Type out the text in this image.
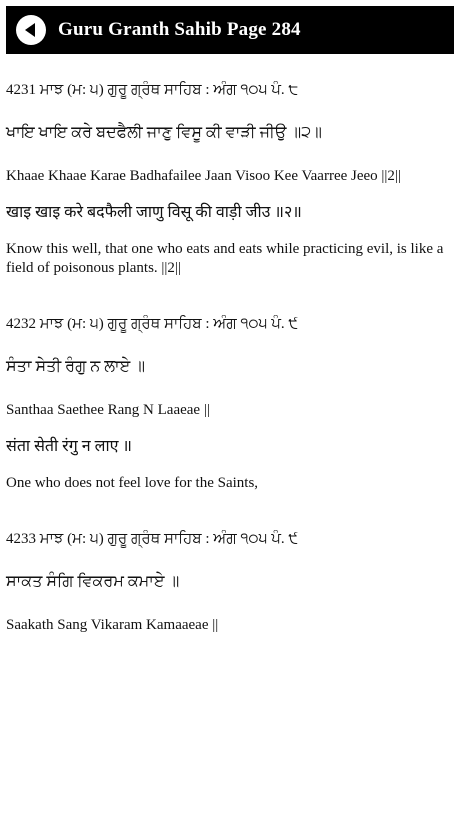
Guru Granth Sahib Page 284
4231 ਮਾਝ (ਮ: ੫) ਗੁਰੂ ਗ੍ਰੰਥ ਸਾਹਿਬ : ਅੰਗ ੧੦੫ ਪੰ. ੮
ਖਾਇ ਖਾਇ ਕਰੇ ਬਦਫੈਲੀ ਜਾਣੁ ਵਿਸੂ ਕੀ ਵਾੜੀ ਜੀਉ ॥੨॥
Khaae Khaae Karae Badhafailee Jaan Visoo Kee Vaarree Jeeo ||2||
खाइ खाइ करे बदफैली जाणु विसू की वाड़ी जीउ ॥२॥
Know this well, that one who eats and eats while practicing evil, is like a field of poisonous plants. ||2||
4232 ਮਾਝ (ਮ: ੫) ਗੁਰੂ ਗ੍ਰੰਥ ਸਾਹਿਬ : ਅੰਗ ੧੦੫ ਪੰ. ੯
ਸੰਤਾ ਸੇਤੀ ਰੰਗੁ ਨ ਲਾਏ ॥
Santhaa Saethee Rang N Laaeae ||
संता सेती रंगु न लाए ॥
One who does not feel love for the Saints,
4233 ਮਾਝ (ਮ: ੫) ਗੁਰੂ ਗ੍ਰੰਥ ਸਾਹਿਬ : ਅੰਗ ੧੦੫ ਪੰ. ੯
ਸਾਕਤ ਸੰਗਿ ਵਿਕਰਮ ਕਮਾਏ ॥
Saakath Sang Vikaram Kamaaeae ||
